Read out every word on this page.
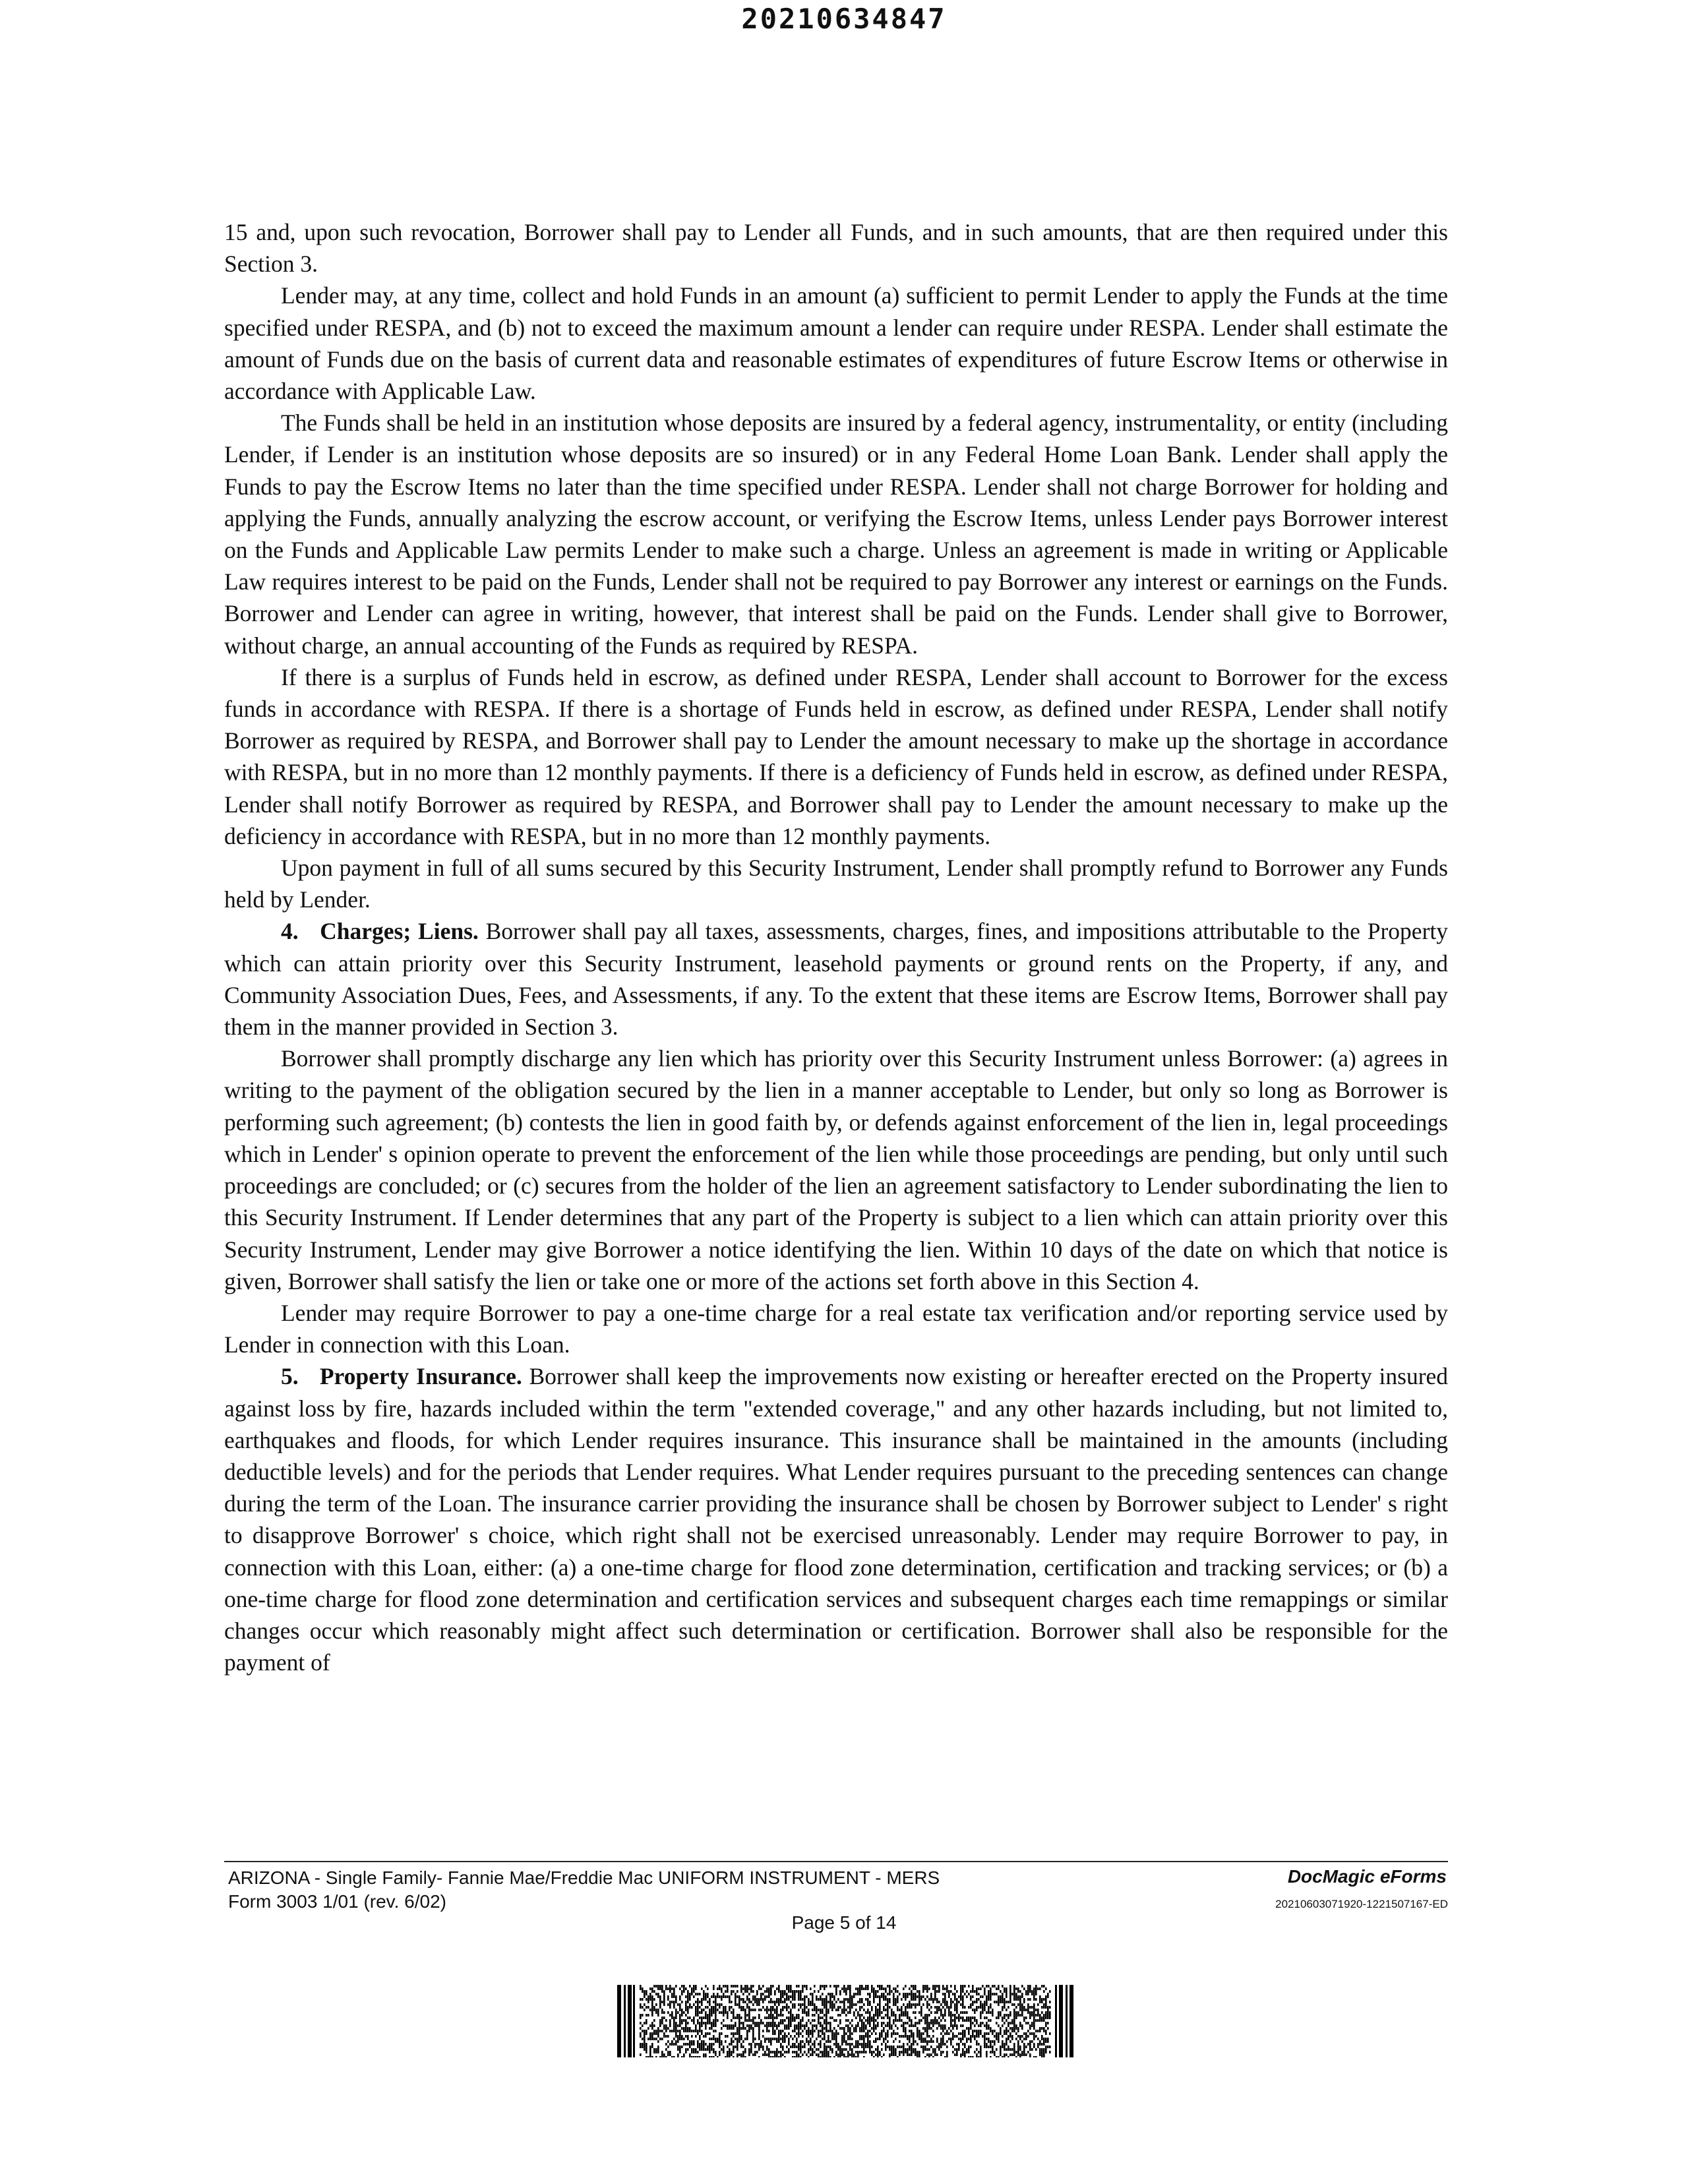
20210634847

15 and, upon such revocation, Borrower shall pay to Lender all Funds, and in such amounts, that are then required under this Section 3.

Lender may, at any time, collect and hold Funds in an amount (a) sufficient to permit Lender to apply the Funds at the time specified under RESPA, and (b) not to exceed the maximum amount a lender can require under RESPA. Lender shall estimate the amount of Funds due on the basis of current data and reasonable estimates of expenditures of future Escrow Items or otherwise in accordance with Applicable Law.

The Funds shall be held in an institution whose deposits are insured by a federal agency, instrumentality, or entity (including Lender, if Lender is an institution whose deposits are so insured) or in any Federal Home Loan Bank. Lender shall apply the Funds to pay the Escrow Items no later than the time specified under RESPA. Lender shall not charge Borrower for holding and applying the Funds, annually analyzing the escrow account, or verifying the Escrow Items, unless Lender pays Borrower interest on the Funds and Applicable Law permits Lender to make such a charge. Unless an agreement is made in writing or Applicable Law requires interest to be paid on the Funds, Lender shall not be required to pay Borrower any interest or earnings on the Funds. Borrower and Lender can agree in writing, however, that interest shall be paid on the Funds. Lender shall give to Borrower, without charge, an annual accounting of the Funds as required by RESPA.

If there is a surplus of Funds held in escrow, as defined under RESPA, Lender shall account to Borrower for the excess funds in accordance with RESPA. If there is a shortage of Funds held in escrow, as defined under RESPA, Lender shall notify Borrower as required by RESPA, and Borrower shall pay to Lender the amount necessary to make up the shortage in accordance with RESPA, but in no more than 12 monthly payments. If there is a deficiency of Funds held in escrow, as defined under RESPA, Lender shall notify Borrower as required by RESPA, and Borrower shall pay to Lender the amount necessary to make up the deficiency in accordance with RESPA, but in no more than 12 monthly payments.

Upon payment in full of all sums secured by this Security Instrument, Lender shall promptly refund to Borrower any Funds held by Lender.

4. Charges; Liens. Borrower shall pay all taxes, assessments, charges, fines, and impositions attributable to the Property which can attain priority over this Security Instrument, leasehold payments or ground rents on the Property, if any, and Community Association Dues, Fees, and Assessments, if any. To the extent that these items are Escrow Items, Borrower shall pay them in the manner provided in Section 3.

Borrower shall promptly discharge any lien which has priority over this Security Instrument unless Borrower: (a) agrees in writing to the payment of the obligation secured by the lien in a manner acceptable to Lender, but only so long as Borrower is performing such agreement; (b) contests the lien in good faith by, or defends against enforcement of the lien in, legal proceedings which in Lender' s opinion operate to prevent the enforcement of the lien while those proceedings are pending, but only until such proceedings are concluded; or (c) secures from the holder of the lien an agreement satisfactory to Lender subordinating the lien to this Security Instrument. If Lender determines that any part of the Property is subject to a lien which can attain priority over this Security Instrument, Lender may give Borrower a notice identifying the lien. Within 10 days of the date on which that notice is given, Borrower shall satisfy the lien or take one or more of the actions set forth above in this Section 4.

Lender may require Borrower to pay a one-time charge for a real estate tax verification and/or reporting service used by Lender in connection with this Loan.

5. Property Insurance. Borrower shall keep the improvements now existing or hereafter erected on the Property insured against loss by fire, hazards included within the term "extended coverage," and any other hazards including, but not limited to, earthquakes and floods, for which Lender requires insurance. This insurance shall be maintained in the amounts (including deductible levels) and for the periods that Lender requires. What Lender requires pursuant to the preceding sentences can change during the term of the Loan. The insurance carrier providing the insurance shall be chosen by Borrower subject to Lender' s right to disapprove Borrower' s choice, which right shall not be exercised unreasonably. Lender may require Borrower to pay, in connection with this Loan, either: (a) a one-time charge for flood zone determination, certification and tracking services; or (b) a one-time charge for flood zone determination and certification services and subsequent charges each time remappings or similar changes occur which reasonably might affect such determination or certification. Borrower shall also be responsible for the payment of

ARIZONA - Single Family- Fannie Mae/Freddie Mac UNIFORM INSTRUMENT - MERS
Form 3003 1/01 (rev. 6/02)
DocMagic eForms
20210603071920-1221507167-ED
Page 5 of 14
